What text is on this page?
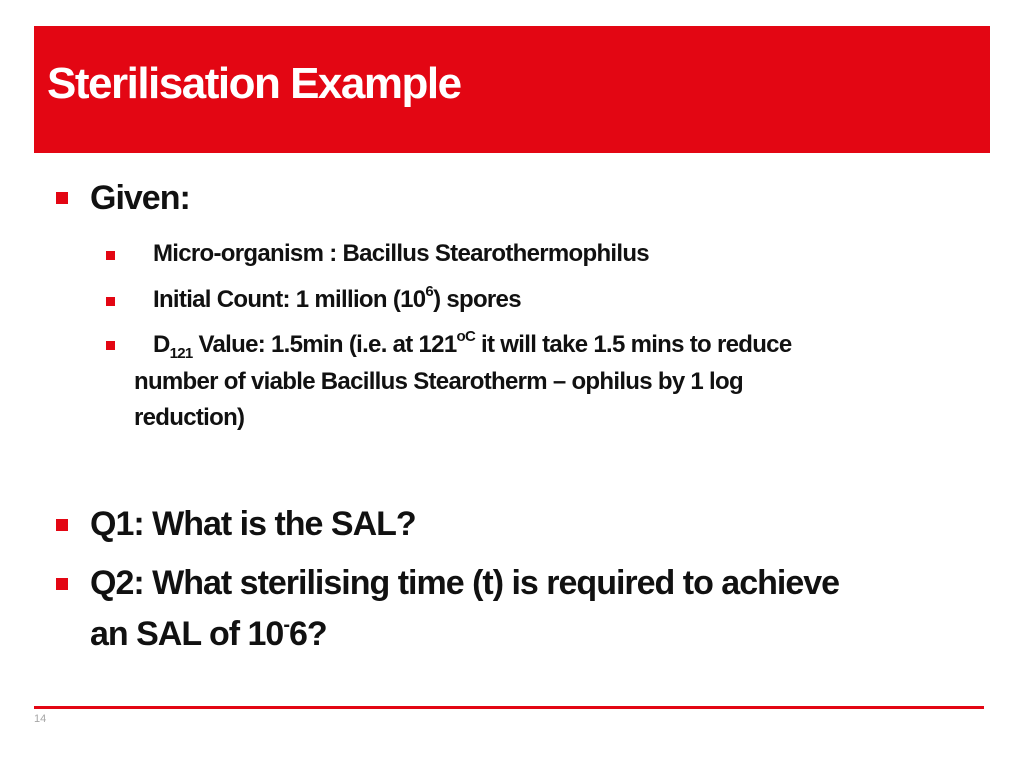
Sterilisation Example

Given:

Micro-organism : Bacillus Stearothermophilus

Initial Count: 1 million $(10^6)$ spores

$D_{121}$ Value: 1.5min (i.e. at $121^{oC}$ it will take 1.5 mins to reduce

number of viable Bacillus Stearotherm – ophilus by 1 log

reduction)

Q1: What is the SAL?

Q2: What sterilising time (t) is required to achieve

an SAL of 10-6?

14
